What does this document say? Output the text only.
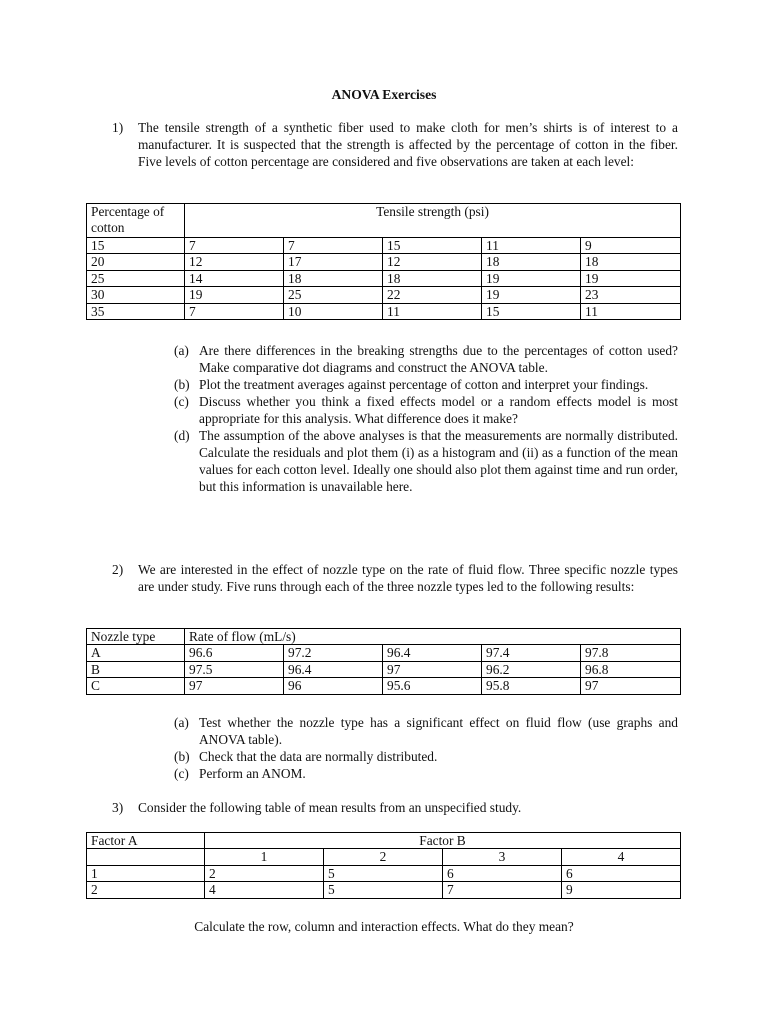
ANOVA Exercises
1) The tensile strength of a synthetic fiber used to make cloth for men’s shirts is of interest to a manufacturer. It is suspected that the strength is affected by the percentage of cotton in the fiber. Five levels of cotton percentage are considered and five observations are taken at each level:
Percentage of cotton	Tensile strength (psi)				
15	7	7	15	11	9
20	12	17	12	18	18
25	14	18	18	19	19
30	19	25	22	19	23
35	7	10	11	15	11
(a) Are there differences in the breaking strengths due to the percentages of cotton used? Make comparative dot diagrams and construct the ANOVA table.
(b) Plot the treatment averages against percentage of cotton and interpret your findings.
(c) Discuss whether you think a fixed effects model or a random effects model is most appropriate for this analysis. What difference does it make?
(d) The assumption of the above analyses is that the measurements are normally distributed. Calculate the residuals and plot them (i) as a histogram and (ii) as a function of the mean values for each cotton level. Ideally one should also plot them against time and run order, but this information is unavailable here.
2) We are interested in the effect of nozzle type on the rate of fluid flow. Three specific nozzle types are under study. Five runs through each of the three nozzle types led to the following results:
Nozzle type	Rate of flow (mL/s)				
A	96.6	97.2	96.4	97.4	97.8
B	97.5	96.4	97	96.2	96.8
C	97	96	95.6	95.8	97
(a) Test whether the nozzle type has a significant effect on fluid flow (use graphs and ANOVA table).
(b) Check that the data are normally distributed.
(c) Perform an ANOM.
3) Consider the following table of mean results from an unspecified study.
Factor A	Factor B			
	1	2	3	4
1	2	5	6	6
2	4	5	7	9
Calculate the row, column and interaction effects. What do they mean?
